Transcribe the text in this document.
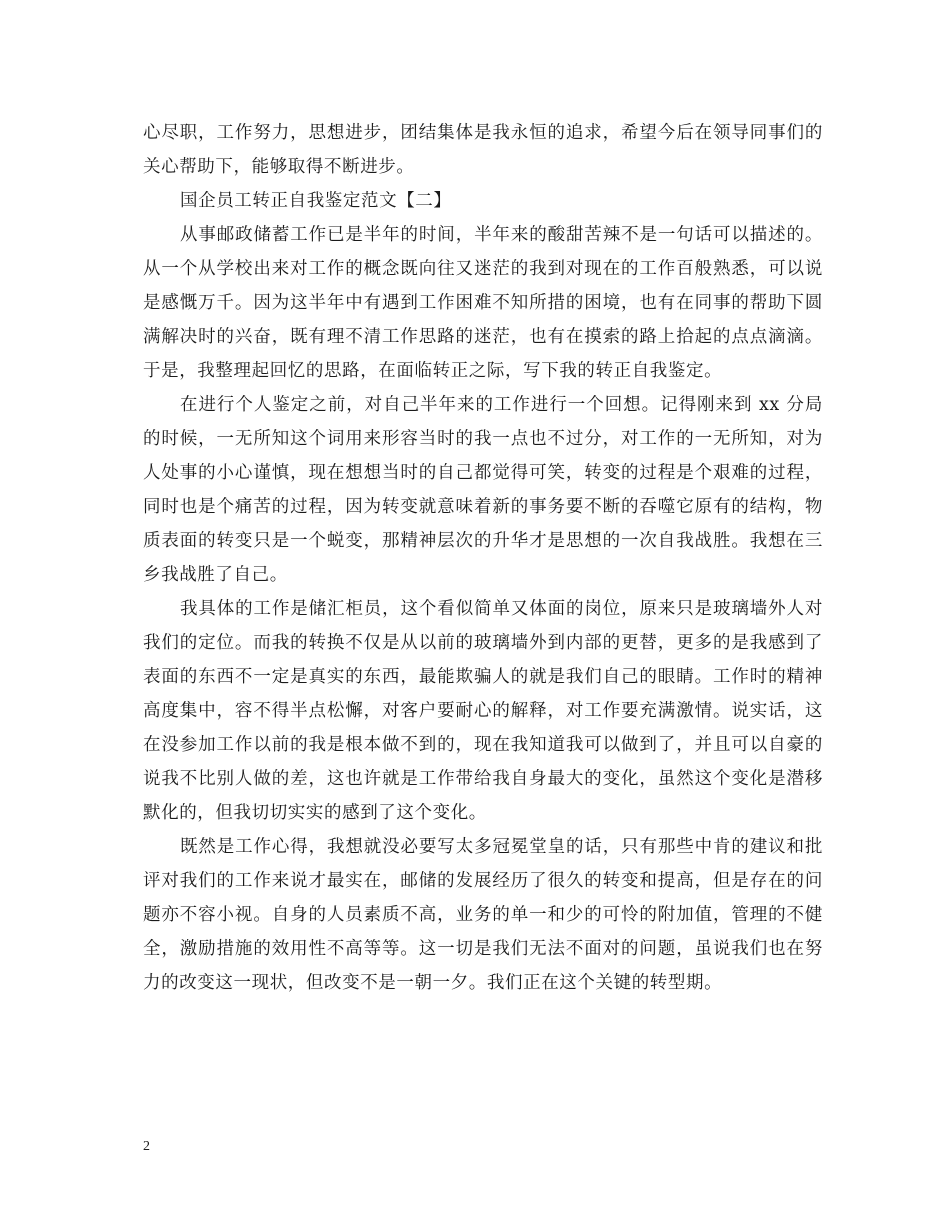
心尽职，工作努力，思想进步，团结集体是我永恒的追求，希望今后在领导同事们的关心帮助下，能够取得不断进步。

国企员工转正自我鉴定范文【二】

从事邮政储蓄工作已是半年的时间，半年来的酸甜苦辣不是一句话可以描述的。从一个从学校出来对工作的概念既向往又迷茫的我到对现在的工作百般熟悉，可以说是感慨万千。因为这半年中有遇到工作困难不知所措的困境，也有在同事的帮助下圆满解决时的兴奋，既有理不清工作思路的迷茫，也有在摸索的路上拾起的点点滴滴。于是，我整理起回忆的思路，在面临转正之际，写下我的转正自我鉴定。

在进行个人鉴定之前，对自己半年来的工作进行一个回想。记得刚来到 xx 分局的时候，一无所知这个词用来形容当时的我一点也不过分，对工作的一无所知，对为人处事的小心谨慎，现在想想当时的自己都觉得可笑，转变的过程是个艰难的过程，同时也是个痛苦的过程，因为转变就意味着新的事务要不断的吞噬它原有的结构，物质表面的转变只是一个蜕变，那精神层次的升华才是思想的一次自我战胜。我想在三乡我战胜了自己。

我具体的工作是储汇柜员，这个看似简单又体面的岗位，原来只是玻璃墙外人对我们的定位。而我的转换不仅是从以前的玻璃墙外到内部的更替，更多的是我感到了表面的东西不一定是真实的东西，最能欺骗人的就是我们自己的眼睛。工作时的精神高度集中，容不得半点松懈，对客户要耐心的解释，对工作要充满激情。说实话，这在没参加工作以前的我是根本做不到的，现在我知道我可以做到了，并且可以自豪的说我不比别人做的差，这也许就是工作带给我自身最大的变化，虽然这个变化是潜移默化的，但我切切实实的感到了这个变化。

既然是工作心得，我想就没必要写太多冠冕堂皇的话，只有那些中肯的建议和批评对我们的工作来说才最实在，邮储的发展经历了很久的转变和提高，但是存在的问题亦不容小视。自身的人员素质不高，业务的单一和少的可怜的附加值，管理的不健全，激励措施的效用性不高等等。这一切是我们无法不面对的问题，虽说我们也在努力的改变这一现状，但改变不是一朝一夕。我们正在这个关键的转型期。

2
